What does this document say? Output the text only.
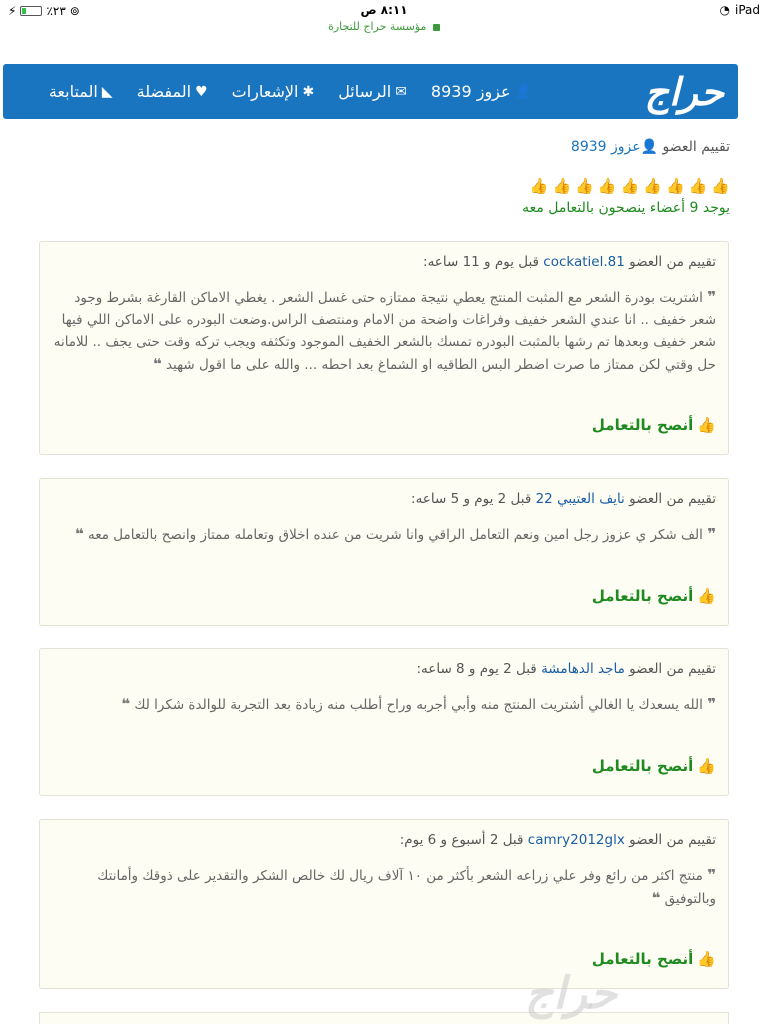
⚡	٪٢٣ ⊚	٨:١١ ص	◔ iPad
مؤسسة حراج للتجارة
حراج
👤
عزوز 8939
✉
الرسائل
✱
الإشعارات
♥
المفضلة
◣
المتابعة
تقييم العضو 👤عزوز 8939
👍
👍
👍
👍
👍
👍
👍
👍
👍
يوجد 9 أعضاء ينصحون بالتعامل معه
تقييم من العضو cockatiel.81 قبل يوم و 11 ساعه:
❞ اشتريت بودرة الشعر مع المثبت المنتج يعطي نتيجة ممتازه حتى غسل الشعر . يغطي الاماكن القارغة بشرط وجود شعر خفيف .. انا عندي الشعر خفيف وفراغات واضحة من الامام ومنتصف الراس.وضعت البودره على الاماكن اللي فيها شعر خفيف وبعدها تم رشها بالمثبت البودره تمسك بالشعر الخفيف الموجود وتكثفه ويجب تركه وقت حتى يجف .. للامانه حل وقتي لكن ممتاز ما صرت اضطر البس الطاقيه او الشماغ بعد احطه ... والله على ما اقول شهيد ❝
👍
أنصح بالتعامل
تقييم من العضو نايف العتيبي 22 قبل 2 يوم و 5 ساعه:
❞ الف شكر ي عزوز رجل امين ونعم التعامل الراقي وانا شريت من عنده اخلاق وتعامله ممتاز وانصح بالتعامل معه ❝
👍
أنصح بالتعامل
تقييم من العضو ماجد الدهامشة قبل 2 يوم و 8 ساعه:
❞ الله يسعدك يا الغالي أشتريت المنتج منه وأبي أجربه وراح أطلب منه زيادة بعد التجربة للوالدة شكرا لك ❝
👍
أنصح بالتعامل
تقييم من العضو camry2012glx قبل 2 أسبوع و 6 يوم:
❞ منتج اكثر من رائع وفر علي زراعه الشعر بأكثر من ١٠ آلاف ريال لك خالص الشكر والتقدير على ذوقك وأمانتك وبالتوفيق ❝
👍
أنصح بالتعامل
حراج
